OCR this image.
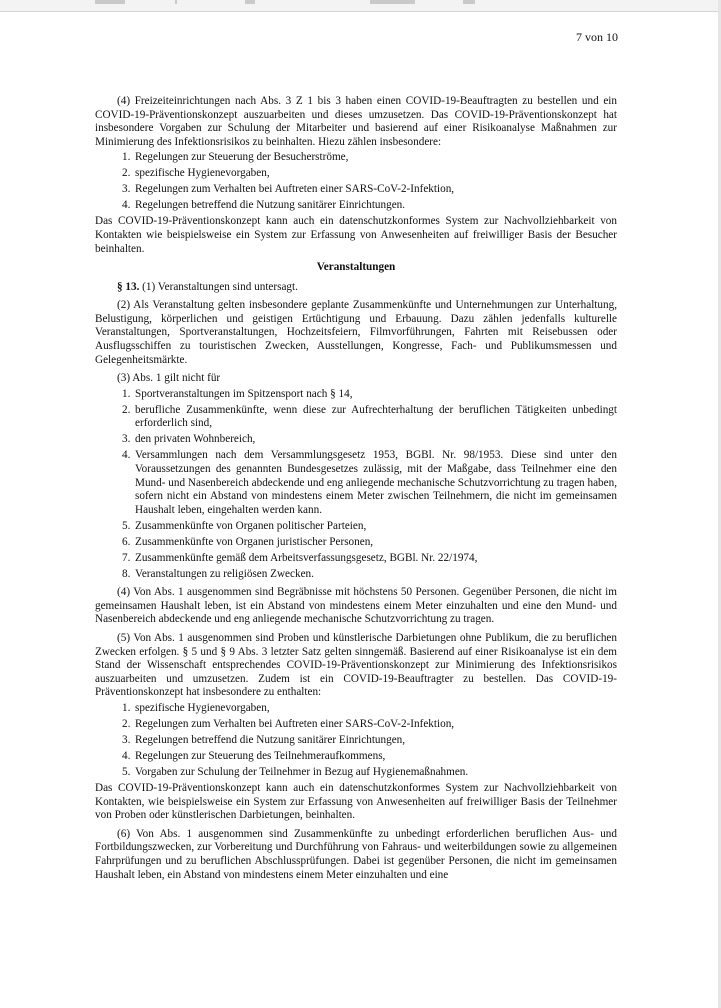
7 von 10

(4) Freizeiteinrichtungen nach Abs. 3 Z 1 bis 3 haben einen COVID-19-Beauftragten zu bestellen und ein COVID-19-Präventionskonzept auszuarbeiten und dieses umzusetzen. Das COVID-19-Präventionskonzept hat insbesondere Vorgaben zur Schulung der Mitarbeiter und basierend auf einer Risikoanalyse Maßnahmen zur Minimierung des Infektionsrisikos zu beinhalten. Hiezu zählen insbesondere:

1. Regelungen zur Steuerung der Besucherströme,
2. spezifische Hygienevorgaben,
3. Regelungen zum Verhalten bei Auftreten einer SARS-CoV-2-Infektion,
4. Regelungen betreffend die Nutzung sanitärer Einrichtungen.

Das COVID-19-Präventionskonzept kann auch ein datenschutzkonformes System zur Nachvollziehbarkeit von Kontakten wie beispielsweise ein System zur Erfassung von Anwesenheiten auf freiwilliger Basis der Besucher beinhalten.

Veranstaltungen

§ 13. (1) Veranstaltungen sind untersagt.

(2) Als Veranstaltung gelten insbesondere geplante Zusammenkünfte und Unternehmungen zur Unterhaltung, Belustigung, körperlichen und geistigen Ertüchtigung und Erbauung. Dazu zählen jedenfalls kulturelle Veranstaltungen, Sportveranstaltungen, Hochzeitsfeiern, Filmvorführungen, Fahrten mit Reisebussen oder Ausflugsschiffen zu touristischen Zwecken, Ausstellungen, Kongresse, Fach- und Publikumsmessen und Gelegenheitsmärkte.

(3) Abs. 1 gilt nicht für

1. Sportveranstaltungen im Spitzensport nach § 14,
2. berufliche Zusammenkünfte, wenn diese zur Aufrechterhaltung der beruflichen Tätigkeiten unbedingt erforderlich sind,
3. den privaten Wohnbereich,
4. Versammlungen nach dem Versammlungsgesetz 1953, BGBl. Nr. 98/1953. Diese sind unter den Voraussetzungen des genannten Bundesgesetzes zulässig, mit der Maßgabe, dass Teilnehmer eine den Mund- und Nasenbereich abdeckende und eng anliegende mechanische Schutzvorrichtung zu tragen haben, sofern nicht ein Abstand von mindestens einem Meter zwischen Teilnehmern, die nicht im gemeinsamen Haushalt leben, eingehalten werden kann.
5. Zusammenkünfte von Organen politischer Parteien,
6. Zusammenkünfte von Organen juristischer Personen,
7. Zusammenkünfte gemäß dem Arbeitsverfassungsgesetz, BGBl. Nr. 22/1974,
8. Veranstaltungen zu religiösen Zwecken.

(4) Von Abs. 1 ausgenommen sind Begräbnisse mit höchstens 50 Personen. Gegenüber Personen, die nicht im gemeinsamen Haushalt leben, ist ein Abstand von mindestens einem Meter einzuhalten und eine den Mund- und Nasenbereich abdeckende und eng anliegende mechanische Schutzvorrichtung zu tragen.

(5) Von Abs. 1 ausgenommen sind Proben und künstlerische Darbietungen ohne Publikum, die zu beruflichen Zwecken erfolgen. § 5 und § 9 Abs. 3 letzter Satz gelten sinngemäß. Basierend auf einer Risikoanalyse ist ein dem Stand der Wissenschaft entsprechendes COVID-19-Präventionskonzept zur Minimierung des Infektionsrisikos auszuarbeiten und umzusetzen. Zudem ist ein COVID-19-Beauftragter zu bestellen. Das COVID-19-Präventionskonzept hat insbesondere zu enthalten:

1. spezifische Hygienevorgaben,
2. Regelungen zum Verhalten bei Auftreten einer SARS-CoV-2-Infektion,
3. Regelungen betreffend die Nutzung sanitärer Einrichtungen,
4. Regelungen zur Steuerung des Teilnehmeraufkommens,
5. Vorgaben zur Schulung der Teilnehmer in Bezug auf Hygienemaßnahmen.

Das COVID-19-Präventionskonzept kann auch ein datenschutzkonformes System zur Nachvollziehbarkeit von Kontakten, wie beispielsweise ein System zur Erfassung von Anwesenheiten auf freiwilliger Basis der Teilnehmer von Proben oder künstlerischen Darbietungen, beinhalten.

(6) Von Abs. 1 ausgenommen sind Zusammenkünfte zu unbedingt erforderlichen beruflichen Aus- und Fortbildungszwecken, zur Vorbereitung und Durchführung von Fahraus- und weiterbildungen sowie zu allgemeinen Fahrprüfungen und zu beruflichen Abschlussprüfungen. Dabei ist gegenüber Personen, die nicht im gemeinsamen Haushalt leben, ein Abstand von mindestens einem Meter einzuhalten und eine
